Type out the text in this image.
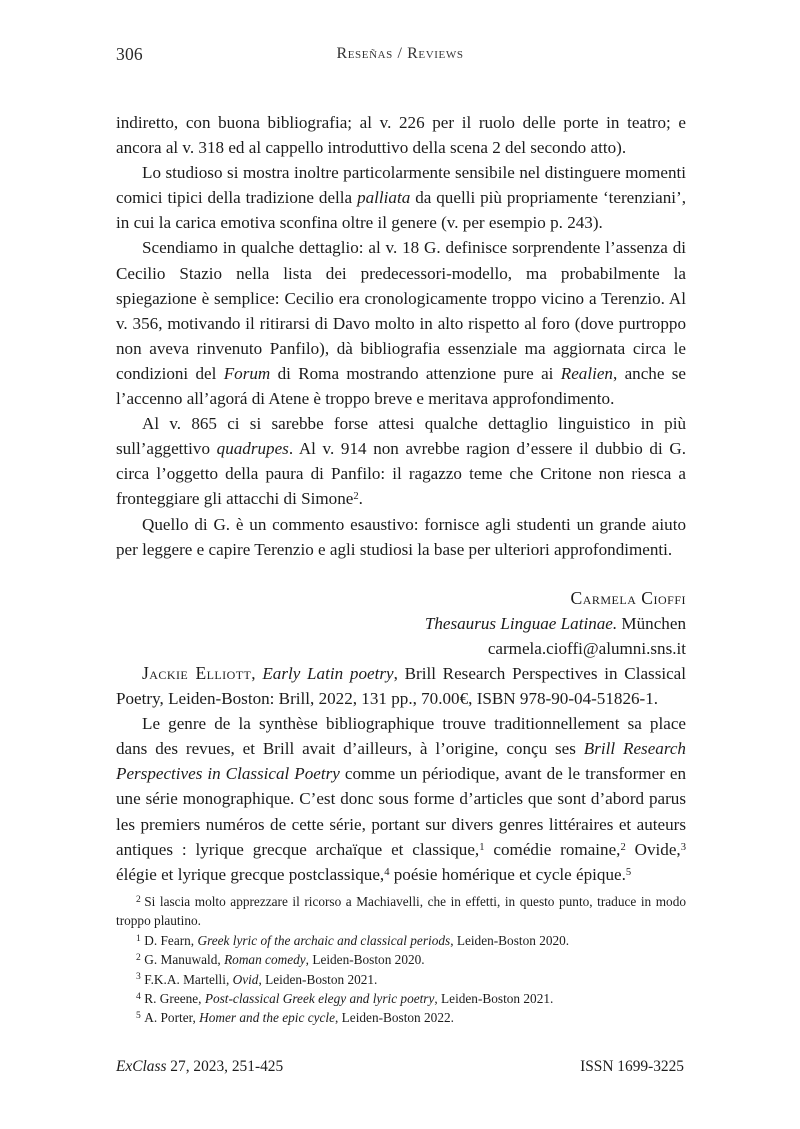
306	Reseñas / Reviews

indiretto, con buona bibliografia; al v. 226 per il ruolo delle porte in teatro; e ancora al v. 318 ed al cappello introduttivo della scena 2 del secondo atto).

Lo studioso si mostra inoltre particolarmente sensibile nel distinguere momenti comici tipici della tradizione della palliata da quelli più propriamente ‘terenziani’, in cui la carica emotiva sconfina oltre il genere (v. per esempio p. 243).

Scendiamo in qualche dettaglio: al v. 18 G. definisce sorprendente l’assenza di Cecilio Stazio nella lista dei predecessori-modello, ma probabilmente la spiegazione è semplice: Cecilio era cronologicamente troppo vicino a Terenzio. Al v. 356, motivando il ritirarsi di Davo molto in alto rispetto al foro (dove purtroppo non aveva rinvenuto Panfilo), dà bibliografia essenziale ma aggiornata circa le condizioni del Forum di Roma mostrando attenzione pure ai Realien, anche se l’accenno all’agorá di Atene è troppo breve e meritava approfondimento.

Al v. 865 ci si sarebbe forse attesi qualche dettaglio linguistico in più sull’aggettivo quadrupes. Al v. 914 non avrebbe ragion d’essere il dubbio di G. circa l’oggetto della paura di Panfilo: il ragazzo teme che Critone non riesca a fronteggiare gli attacchi di Simone$^2$.

Quello di G. è un commento esaustivo: fornisce agli studenti un grande aiuto per leggere e capire Terenzio e agli studiosi la base per ulteriori approfondimenti.

Carmela Cioffi
Thesaurus Linguae Latinae. München
carmela.cioffi@alumni.sns.it

Jackie Elliott, Early Latin poetry, Brill Research Perspectives in Classical Poetry, Leiden-Boston: Brill, 2022, 131 pp., 70.00€, ISBN 978-90-04-51826-1.

Le genre de la synthèse bibliographique trouve traditionnellement sa place dans des revues, et Brill avait d’ailleurs, à l’origine, conçu ses Brill Research Perspectives in Classical Poetry comme un périodique, avant de le transformer en une série monographique. C’est donc sous forme d’articles que sont d’abord parus les premiers numéros de cette série, portant sur divers genres littéraires et auteurs antiques : lyrique grecque archaïque et classique,$^1$ comédie romaine,$^2$ Ovide,$^3$ élégie et lyrique grecque postclassique,$^4$ poésie homérique et cycle épique.$^5$

$^2$ Si lascia molto apprezzare il ricorso a Machiavelli, che in effetti, in questo punto, traduce in modo troppo plautino.

$^1$ D. Fearn, Greek lyric of the archaic and classical periods, Leiden-Boston 2020.

$^2$ G. Manuwald, Roman comedy, Leiden-Boston 2020.

$^3$ F.K.A. Martelli, Ovid, Leiden-Boston 2021.

$^4$ R. Greene, Post-classical Greek elegy and lyric poetry, Leiden-Boston 2021.

$^5$ A. Porter, Homer and the epic cycle, Leiden-Boston 2022.

ExClass 27, 2023, 251-425	ISSN 1699-3225
